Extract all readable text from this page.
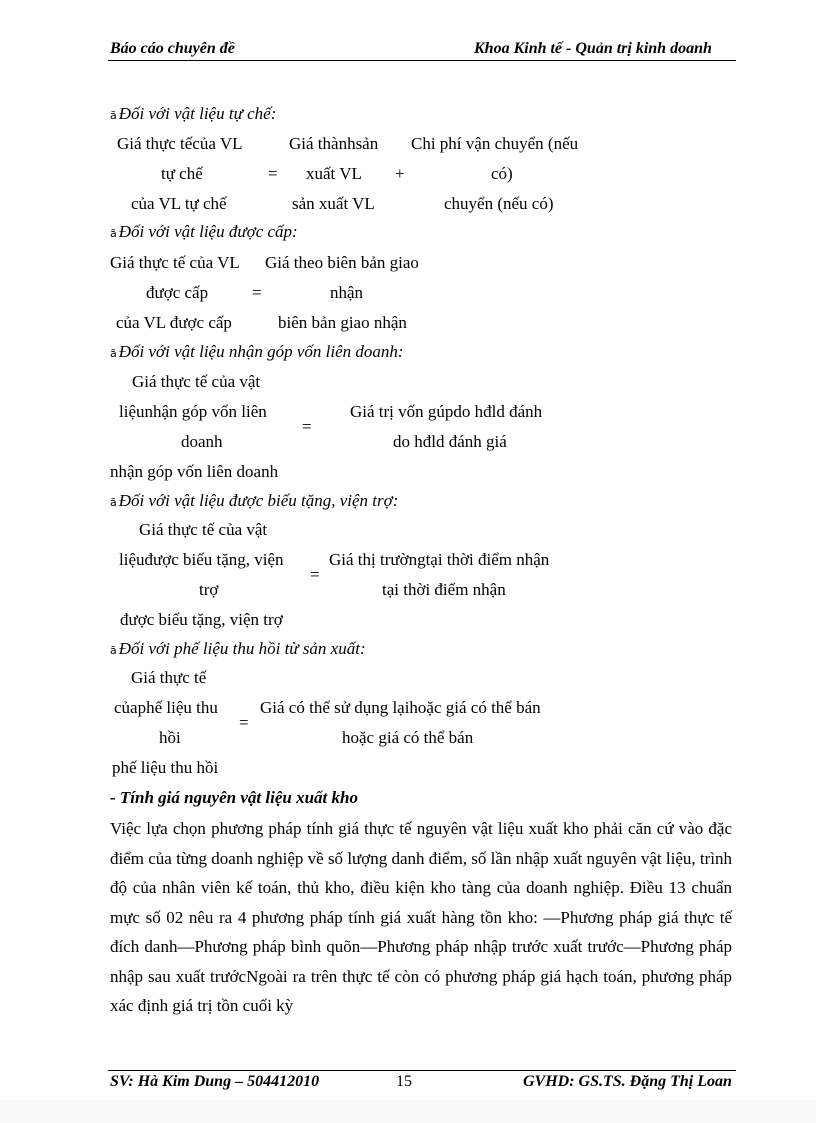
Báo cáo chuyên đề	Khoa Kinh tế - Quản trị kinh doanh
ã Đối với vật liệu tự chế:
Giá thực tếcủa VL	Giá thànhsản Chi phí vận chuyển (nếu
tự chế	= xuất VL +	có)
của VL tự chế	sản xuất VL	chuyển (nếu có)
ã Đối với vật liệu được cấp:
Giá thực tế của VL Giá theo biên bản giao
được cấp	=	nhận
của VL được cấp	biên bản giao nhận
ã Đối với vật liệu nhận góp vốn liên doanh:
Giá thực tế của vật
liệunhận góp vốn liên	Giá trị vốn gúpdo hđld đánh
=
doanh	do hđld đánh giá
nhận góp vốn liên doanh
ã Đối với vật liệu được biếu tặng, viện trợ:
Giá thực tế của vật
liệuđược biếu tặng, viện	Giá thị trườngtại thời điểm nhận
=
trợ	tại thời điểm nhận
được biếu tặng, viện trợ
ã Đối với phế liệu thu hồi từ sản xuất:
Giá thực tế
củaphế liệu thu Giá có thể sử dụng lạihoặc giá có thể bán
=
hồi	hoặc giá có thể bán
phế liệu thu hồi
- Tính giá nguyên vật liệu xuất kho

Việc lựa chọn phương pháp tính giá thực tế nguyên vật liệu xuất kho phải căn cứ vào đặc điểm của từng doanh nghiệp về số lượng danh điểm, số lần nhập xuất nguyên vật liệu, trình độ của nhân viên kế toán, thủ kho, điều kiện kho tàng của doanh nghiệp. Điều 13 chuẩn mực số 02 nêu ra 4 phương pháp tính giá xuất hàng tồn kho: —Phương pháp giá thực tế đích danh—Phương pháp bình quõn—Phương pháp nhập trước xuất trước—Phương pháp nhập sau xuất trướcNgoài ra trên thực tế còn có phương pháp giá hạch toán, phương pháp xác định giá trị tồn cuối kỳ

SV: Hà Kim Dung – 504412010	15	GVHD: GS.TS. Đặng Thị Loan
